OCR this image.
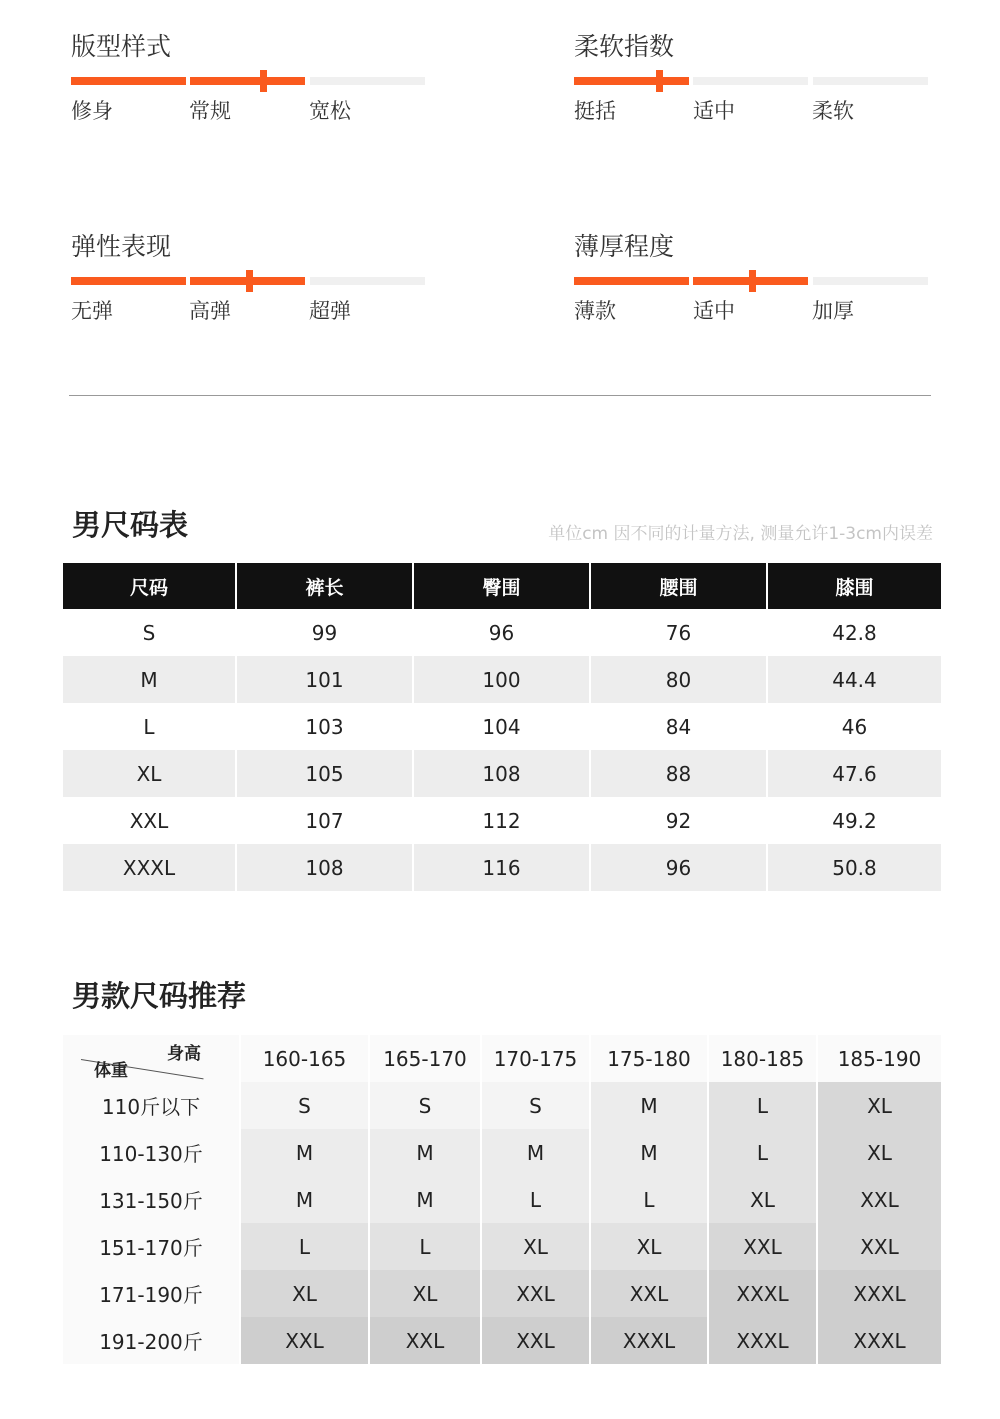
版型样式
修身	常规	宽松
柔软指数
挺括	适中	柔软
弹性表现
无弹	高弹	超弹
薄厚程度
薄款	适中	加厚
男尺码表	单位cm 因不同的计量方法, 测量允许1-3cm内误差
尺码	裤长	臀围	腰围	膝围
S	99	96	76	42.8
M	101	100	80	44.4
L	103	104	84	46
XL	105	108	88	47.6
XXL	107	112	92	49.2
XXXL	108	116	96	50.8
男款尺码推荐
身高
体重
160-165	165-170	170-175	175-180	180-185	185-190
110斤以下	S	S	S	M	L	XL
110-130斤	M	M	M	M	L	XL
131-150斤	M	M	L	L	XL	XXL
151-170斤	L	L	XL	XL	XXL	XXL
171-190斤	XL	XL	XXL	XXL	XXXL	XXXL
191-200斤	XXL	XXL	XXL	XXXL	XXXL	XXXL
